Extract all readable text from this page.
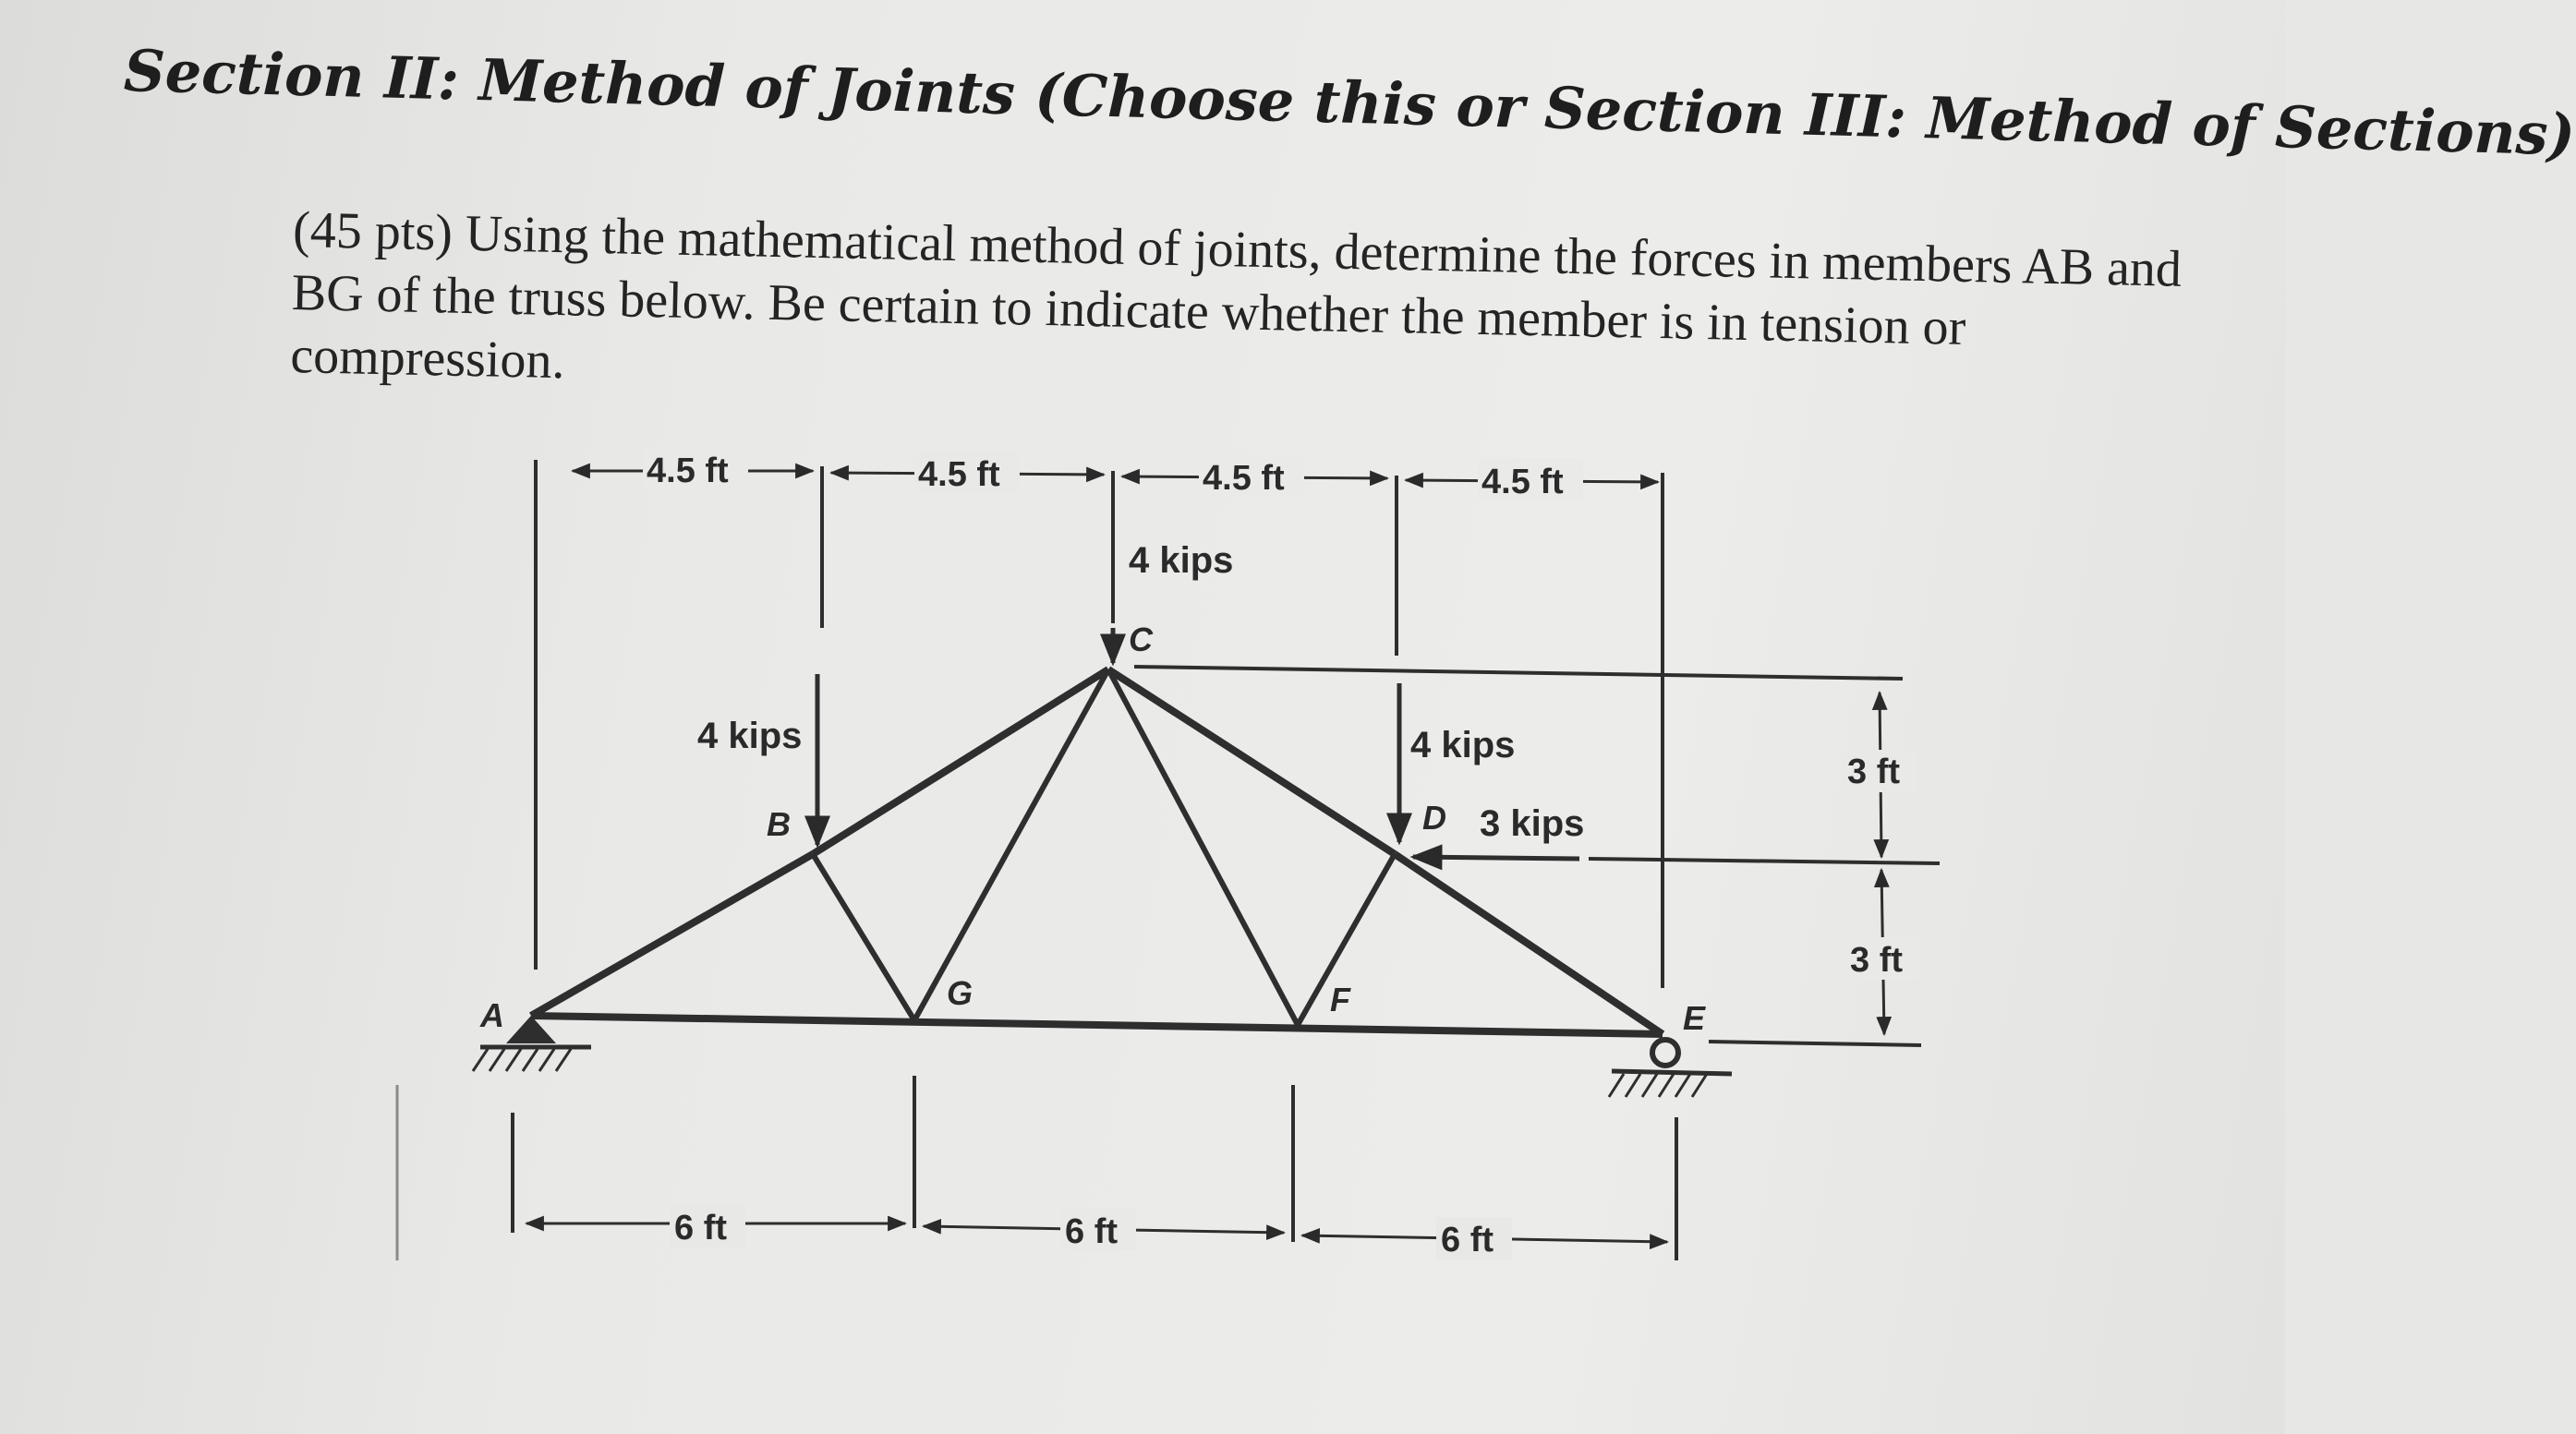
Section II: Method of Joints (Choose this or Section III: Method of Sections)
(45 pts) Using the mathematical method of joints, determine the forces in members AB and BG of the truss below. Be certain to indicate whether the member is in tension or compression.
4.5 ft	4.5 ft	4.5 ft	4.5 ft
6 ft	6 ft	6 ft
3 ft
3 ft
4 kips
4 kips	4 kips
3 kips
A
B
C
D
E
F
G
